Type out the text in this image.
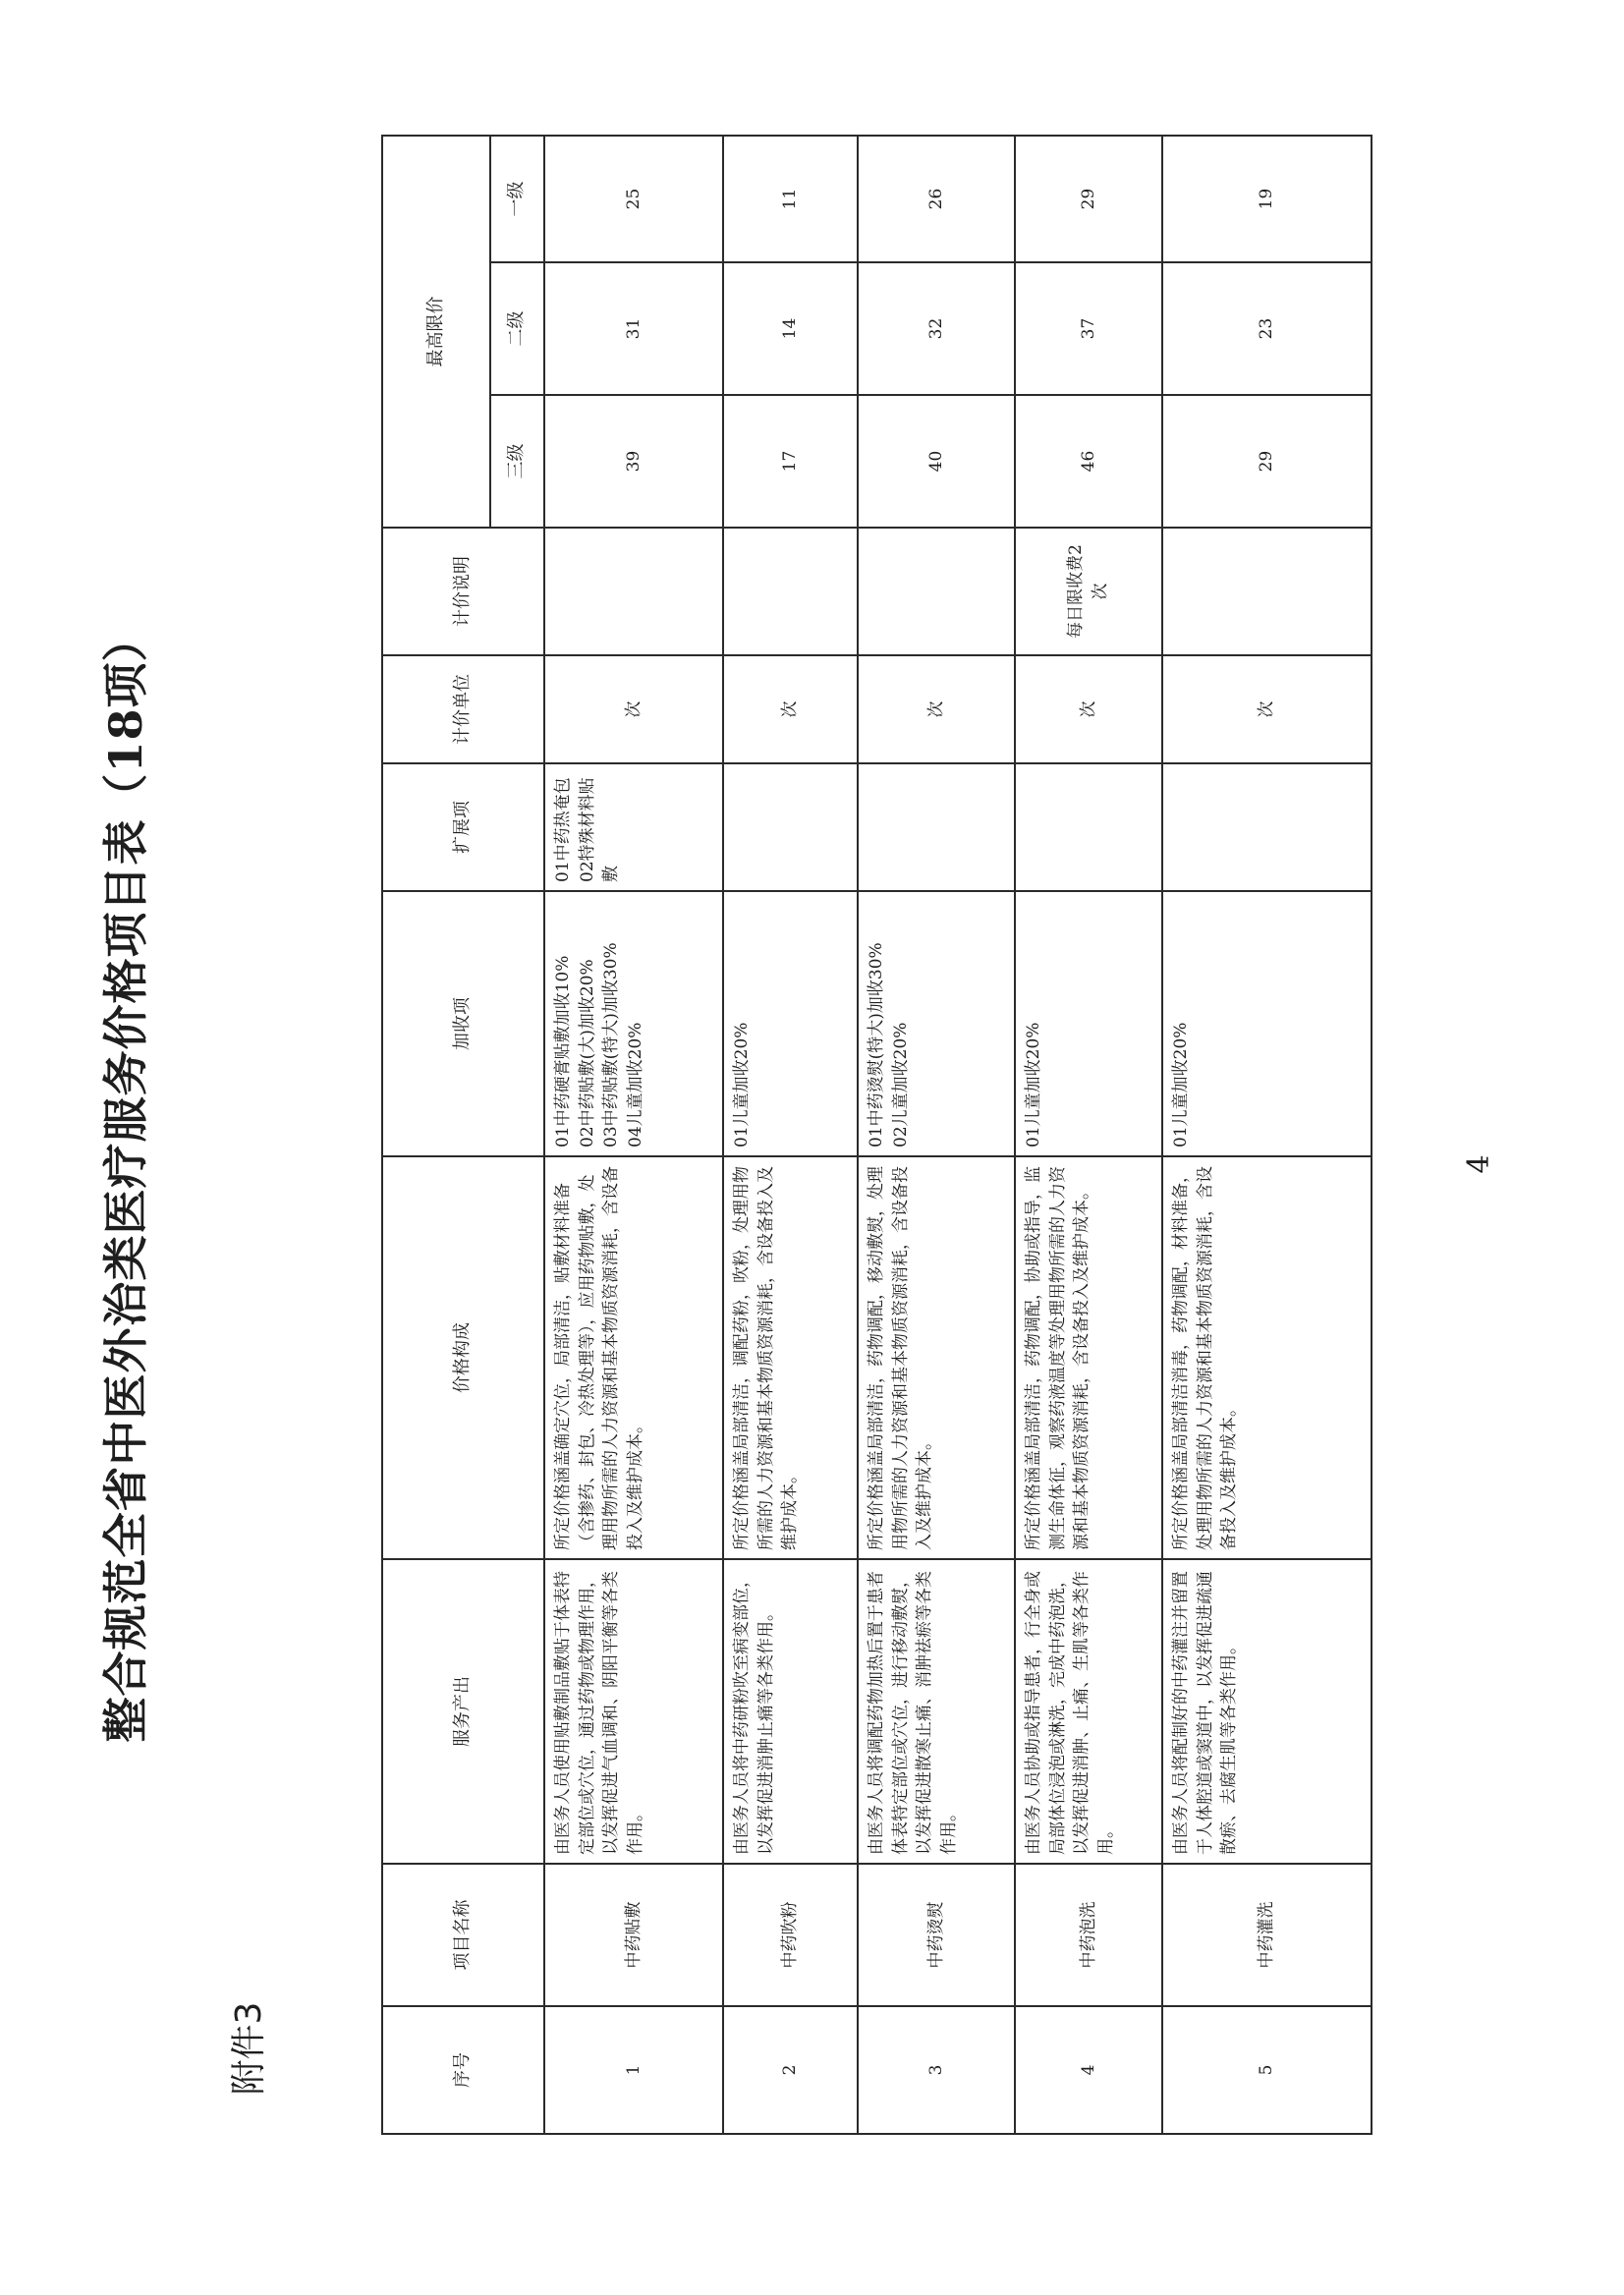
附件3
整合规范全省中医外治类医疗服务价格项目表（18项）	4
序号	项目名称	服务产出	价格构成	加收项	扩展项	计价单位	计价说明	最高限价		
								三级	二级	一级
1	中药贴敷	由医务人员使用贴敷制品敷贴于体表特定部位或穴位，通过药物或物理作用，以发挥促进气血调和、阴阳平衡等各类作用。	所定价格涵盖确定穴位，局部清洁，贴敷材料准备（含掺药、封包、冷热处理等），应用药物贴敷，处理用物所需的人力资源和基本物质资源消耗，含设备投入及维护成本。	01中药硬膏贴敷加收10%
02中药贴敷(大)加收20%
03中药贴敷(特大)加收30%
04儿童加收20%	01中药热奄包
02特殊材料贴敷	次		39	31	25
2	中药吹粉	由医务人员将中药研粉吹至病变部位，以发挥促进消肿止痛等各类作用。	所定价格涵盖局部清洁，调配药粉，吹粉，处理用物所需的人力资源和基本物质资源消耗，含设备投入及维护成本。	01儿童加收20%		次		17	14	11
3	中药烫熨	由医务人员将调配药物加热后置于患者体表特定部位或穴位，进行移动敷熨，以发挥促进散寒止痛、消肿祛瘀等各类作用。	所定价格涵盖局部清洁，药物调配，移动敷熨，处理用物所需的人力资源和基本物质资源消耗，含设备投入及维护成本。	01中药烫熨(特大)加收30%
02儿童加收20%		次		40	32	26
4	中药泡洗	由医务人员协助或指导患者，行全身或局部体位浸泡或淋洗，完成中药泡洗，以发挥促进消肿、止痛、生肌等各类作用。	所定价格涵盖局部清洁，药物调配，协助或指导，监测生命体征，观察药液温度等处理用物所需的人力资源和基本物质资源消耗，含设备投入及维护成本。	01儿童加收20%		次	每日限收费2次	46	37	29
5	中药灌洗	由医务人员将配制好的中药灌注并留置于人体腔道或窦道中，以发挥促进疏通散瘀、去腐生肌等各类作用。	所定价格涵盖局部清洁消毒，药物调配，材料准备，处理用物所需的人力资源和基本物质资源消耗，含设备投入及维护成本。	01儿童加收20%		次		29	23	19
